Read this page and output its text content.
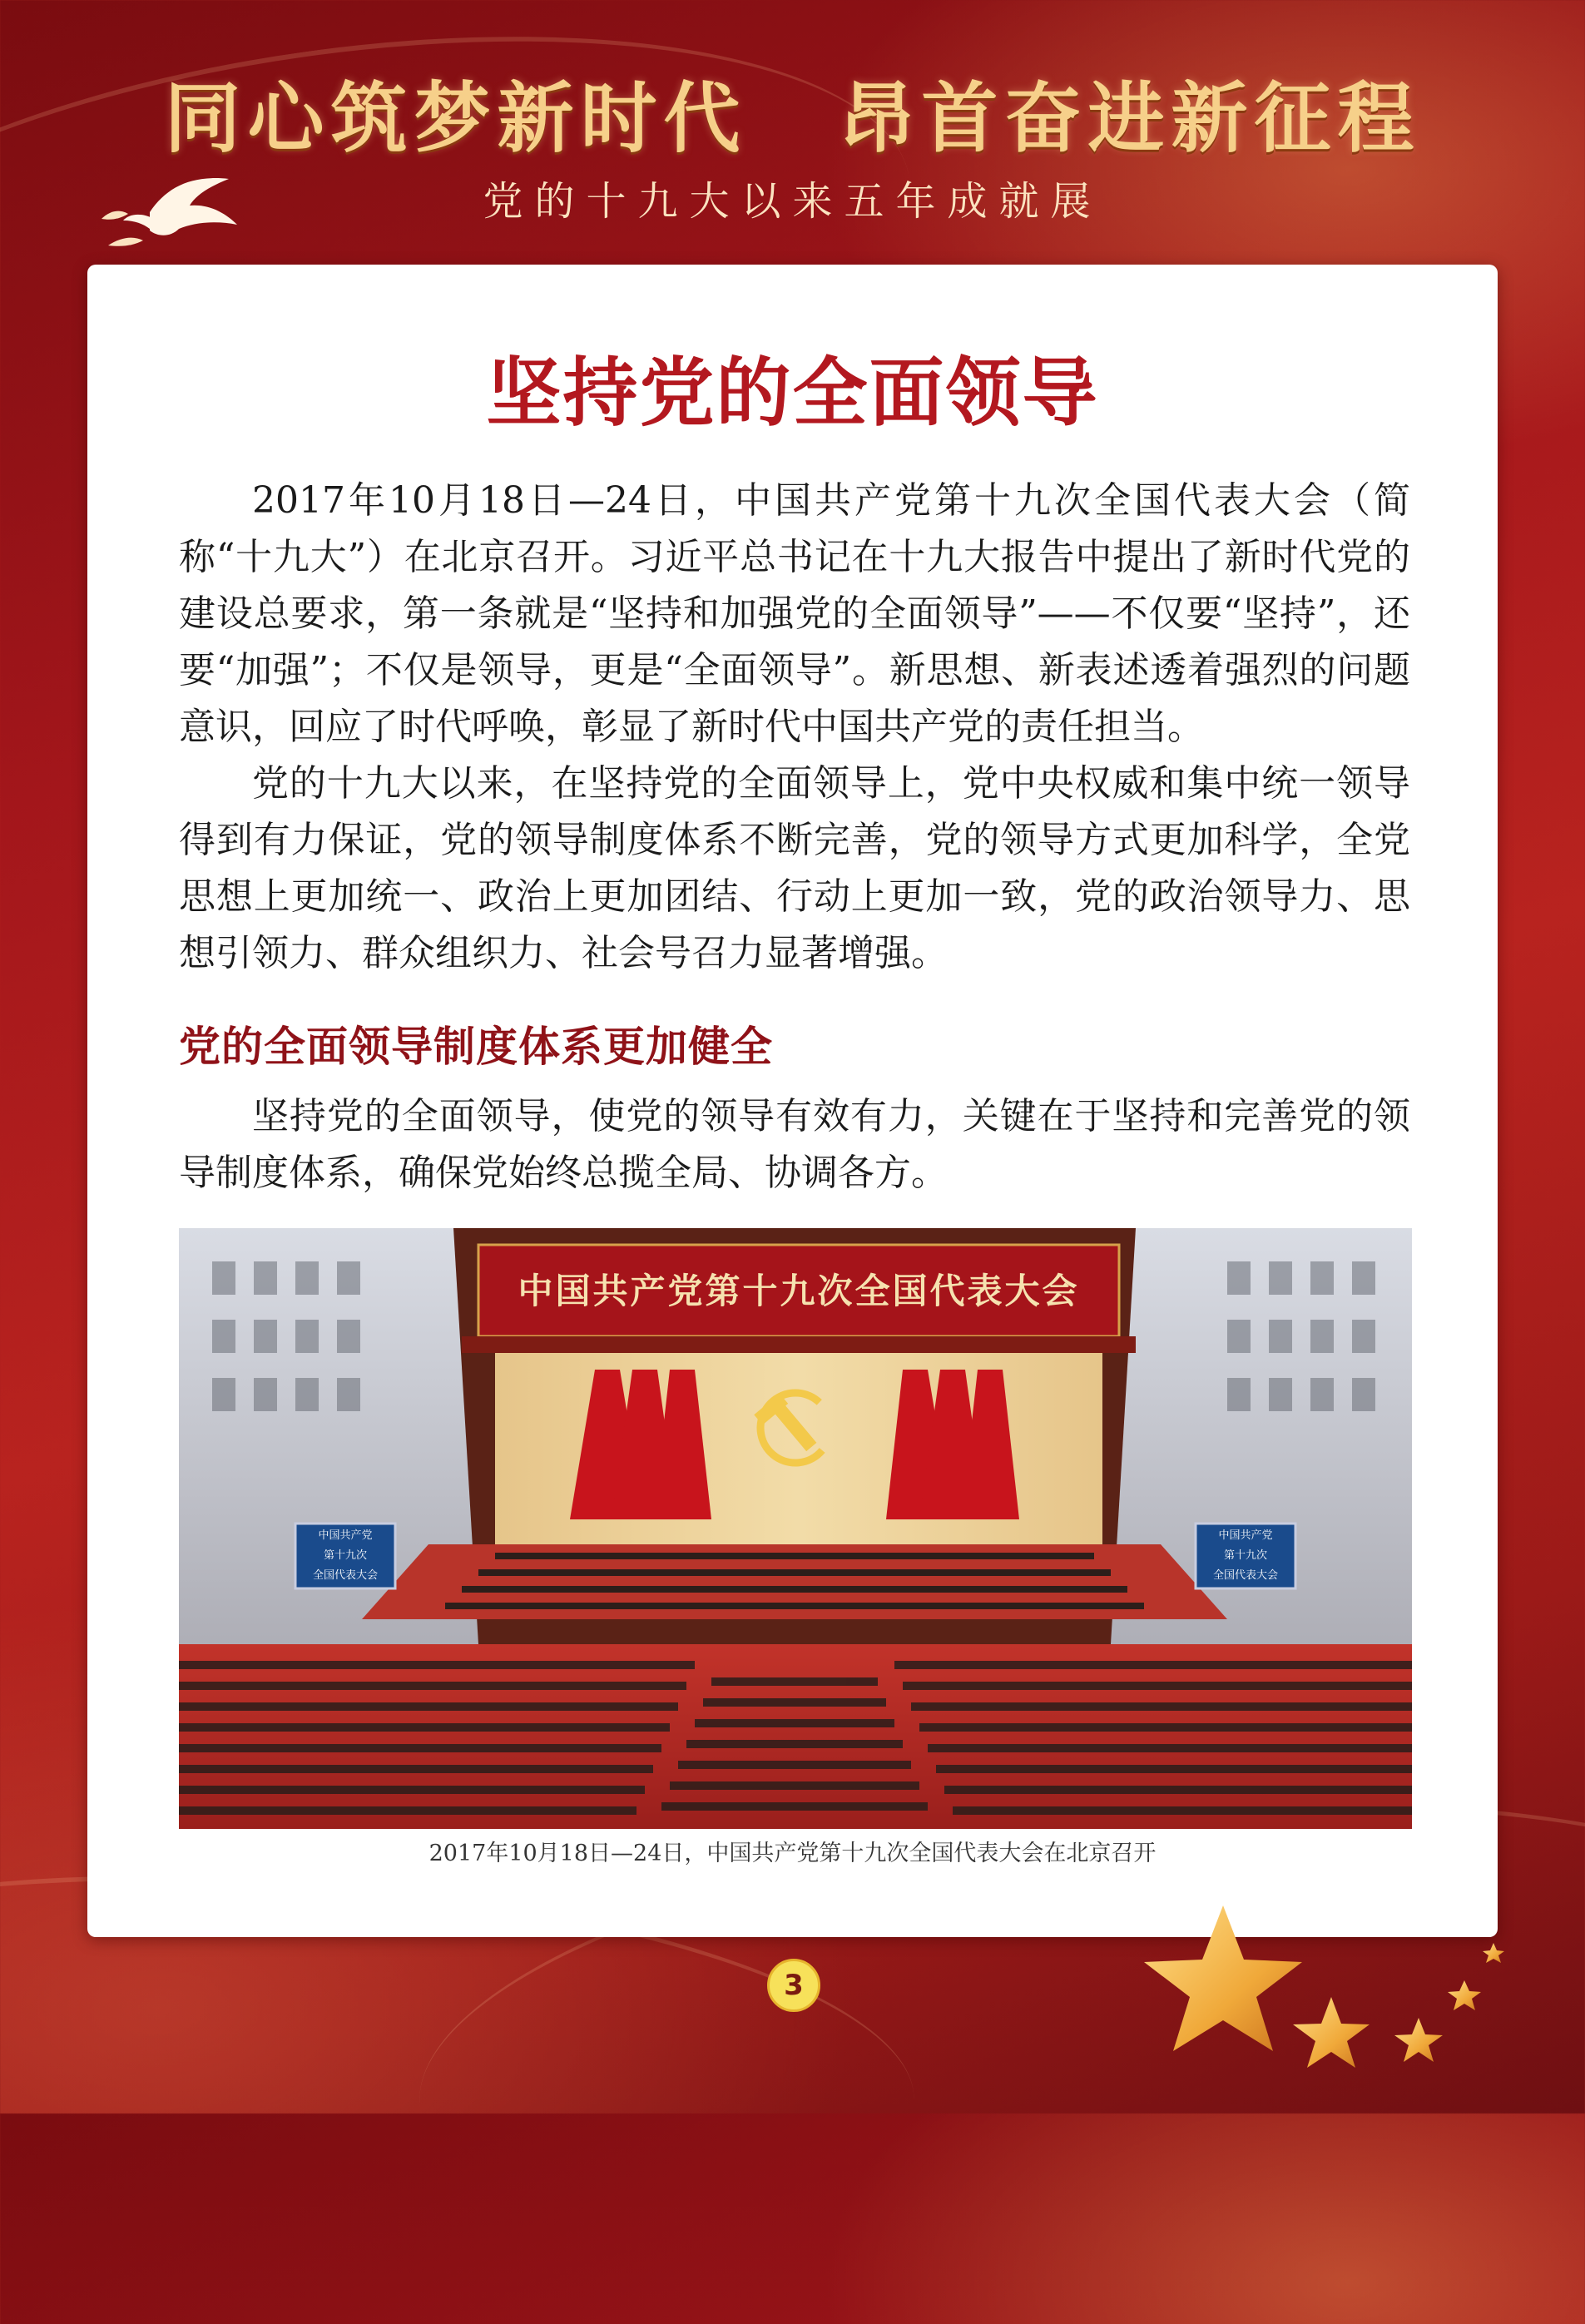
同心筑梦新时代 昂首奋进新征程
党的十九大以来五年成就展
坚持党的全面领导

2017年10月18日—24日，中国共产党第十九次全国代表大会（简称“十九大”）在北京召开。习近平总书记在十九大报告中提出了新时代党的建设总要求，第一条就是“坚持和加强党的全面领导”——不仅要“坚持”，还要“加强”；不仅是领导，更是“全面领导”。新思想、新表述透着强烈的问题意识，回应了时代呼唤，彰显了新时代中国共产党的责任担当。

党的十九大以来，在坚持党的全面领导上，党中央权威和集中统一领导得到有力保证，党的领导制度体系不断完善，党的领导方式更加科学，全党思想上更加统一、政治上更加团结、行动上更加一致，党的政治领导力、思想引领力、群众组织力、社会号召力显著增强。

党的全面领导制度体系更加健全

坚持党的全面领导，使党的领导有效有力，关键在于坚持和完善党的领导制度体系，确保党始终总揽全局、协调各方。

中国共产党第十九次全国代表大会
中国共产党
第十九次
全国代表大会
中国共产党
第十九次
全国代表大会
2017年10月18日—24日，中国共产党第十九次全国代表大会在北京召开
3
